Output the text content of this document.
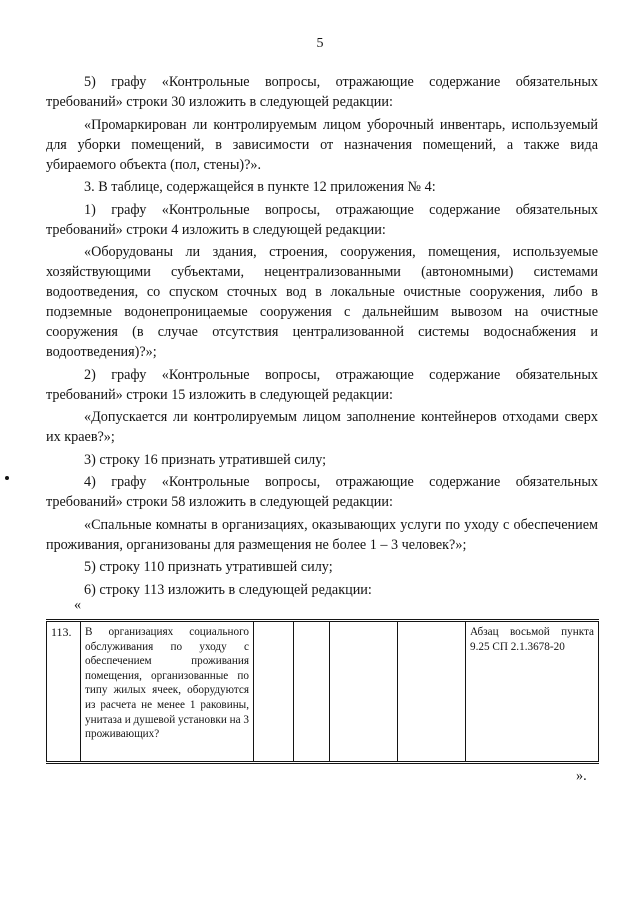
5

5) графу «Контрольные вопросы, отражающие содержание обязательных требований» строки 30 изложить в следующей редакции:

«Промаркирован ли контролируемым лицом уборочный инвентарь, используемый для уборки помещений, в зависимости от назначения помещений, а также вида убираемого объекта (пол, стены)?».

3. В таблице, содержащейся в пункте 12 приложения № 4:

1) графу «Контрольные вопросы, отражающие содержание обязательных требований» строки 4 изложить в следующей редакции:

«Оборудованы ли здания, строения, сооружения, помещения, используемые хозяйствующими субъектами, нецентрализованными (автономными) системами водоотведения, со спуском сточных вод в локальные очистные сооружения, либо в подземные водонепроницаемые сооружения с дальнейшим вывозом на очистные сооружения (в случае отсутствия централизованной системы водоснабжения и водоотведения)?»;

2) графу «Контрольные вопросы, отражающие содержание обязательных требований» строки 15 изложить в следующей редакции:

«Допускается ли контролируемым лицом заполнение контейнеров отходами сверх их краев?»;

3) строку 16 признать утратившей силу;

4) графу «Контрольные вопросы, отражающие содержание обязательных требований» строки 58 изложить в следующей редакции:

«Спальные комнаты в организациях, оказывающих услуги по уходу с обеспечением проживания, организованы для размещения не более 1 – 3 человек?»;

5) строку 110 признать утратившей силу;

6) строку 113 изложить в следующей редакции:

«
113.	В организациях социального обслуживания по уходу с обеспечением проживания помещения, организованные по типу жилых ячеек, оборудуются из расчета не менее 1 раковины, унитаза и душевой установки на 3 проживающих?					Абзац восьмой пункта 9.25 СП 2.1.3678-20
».
